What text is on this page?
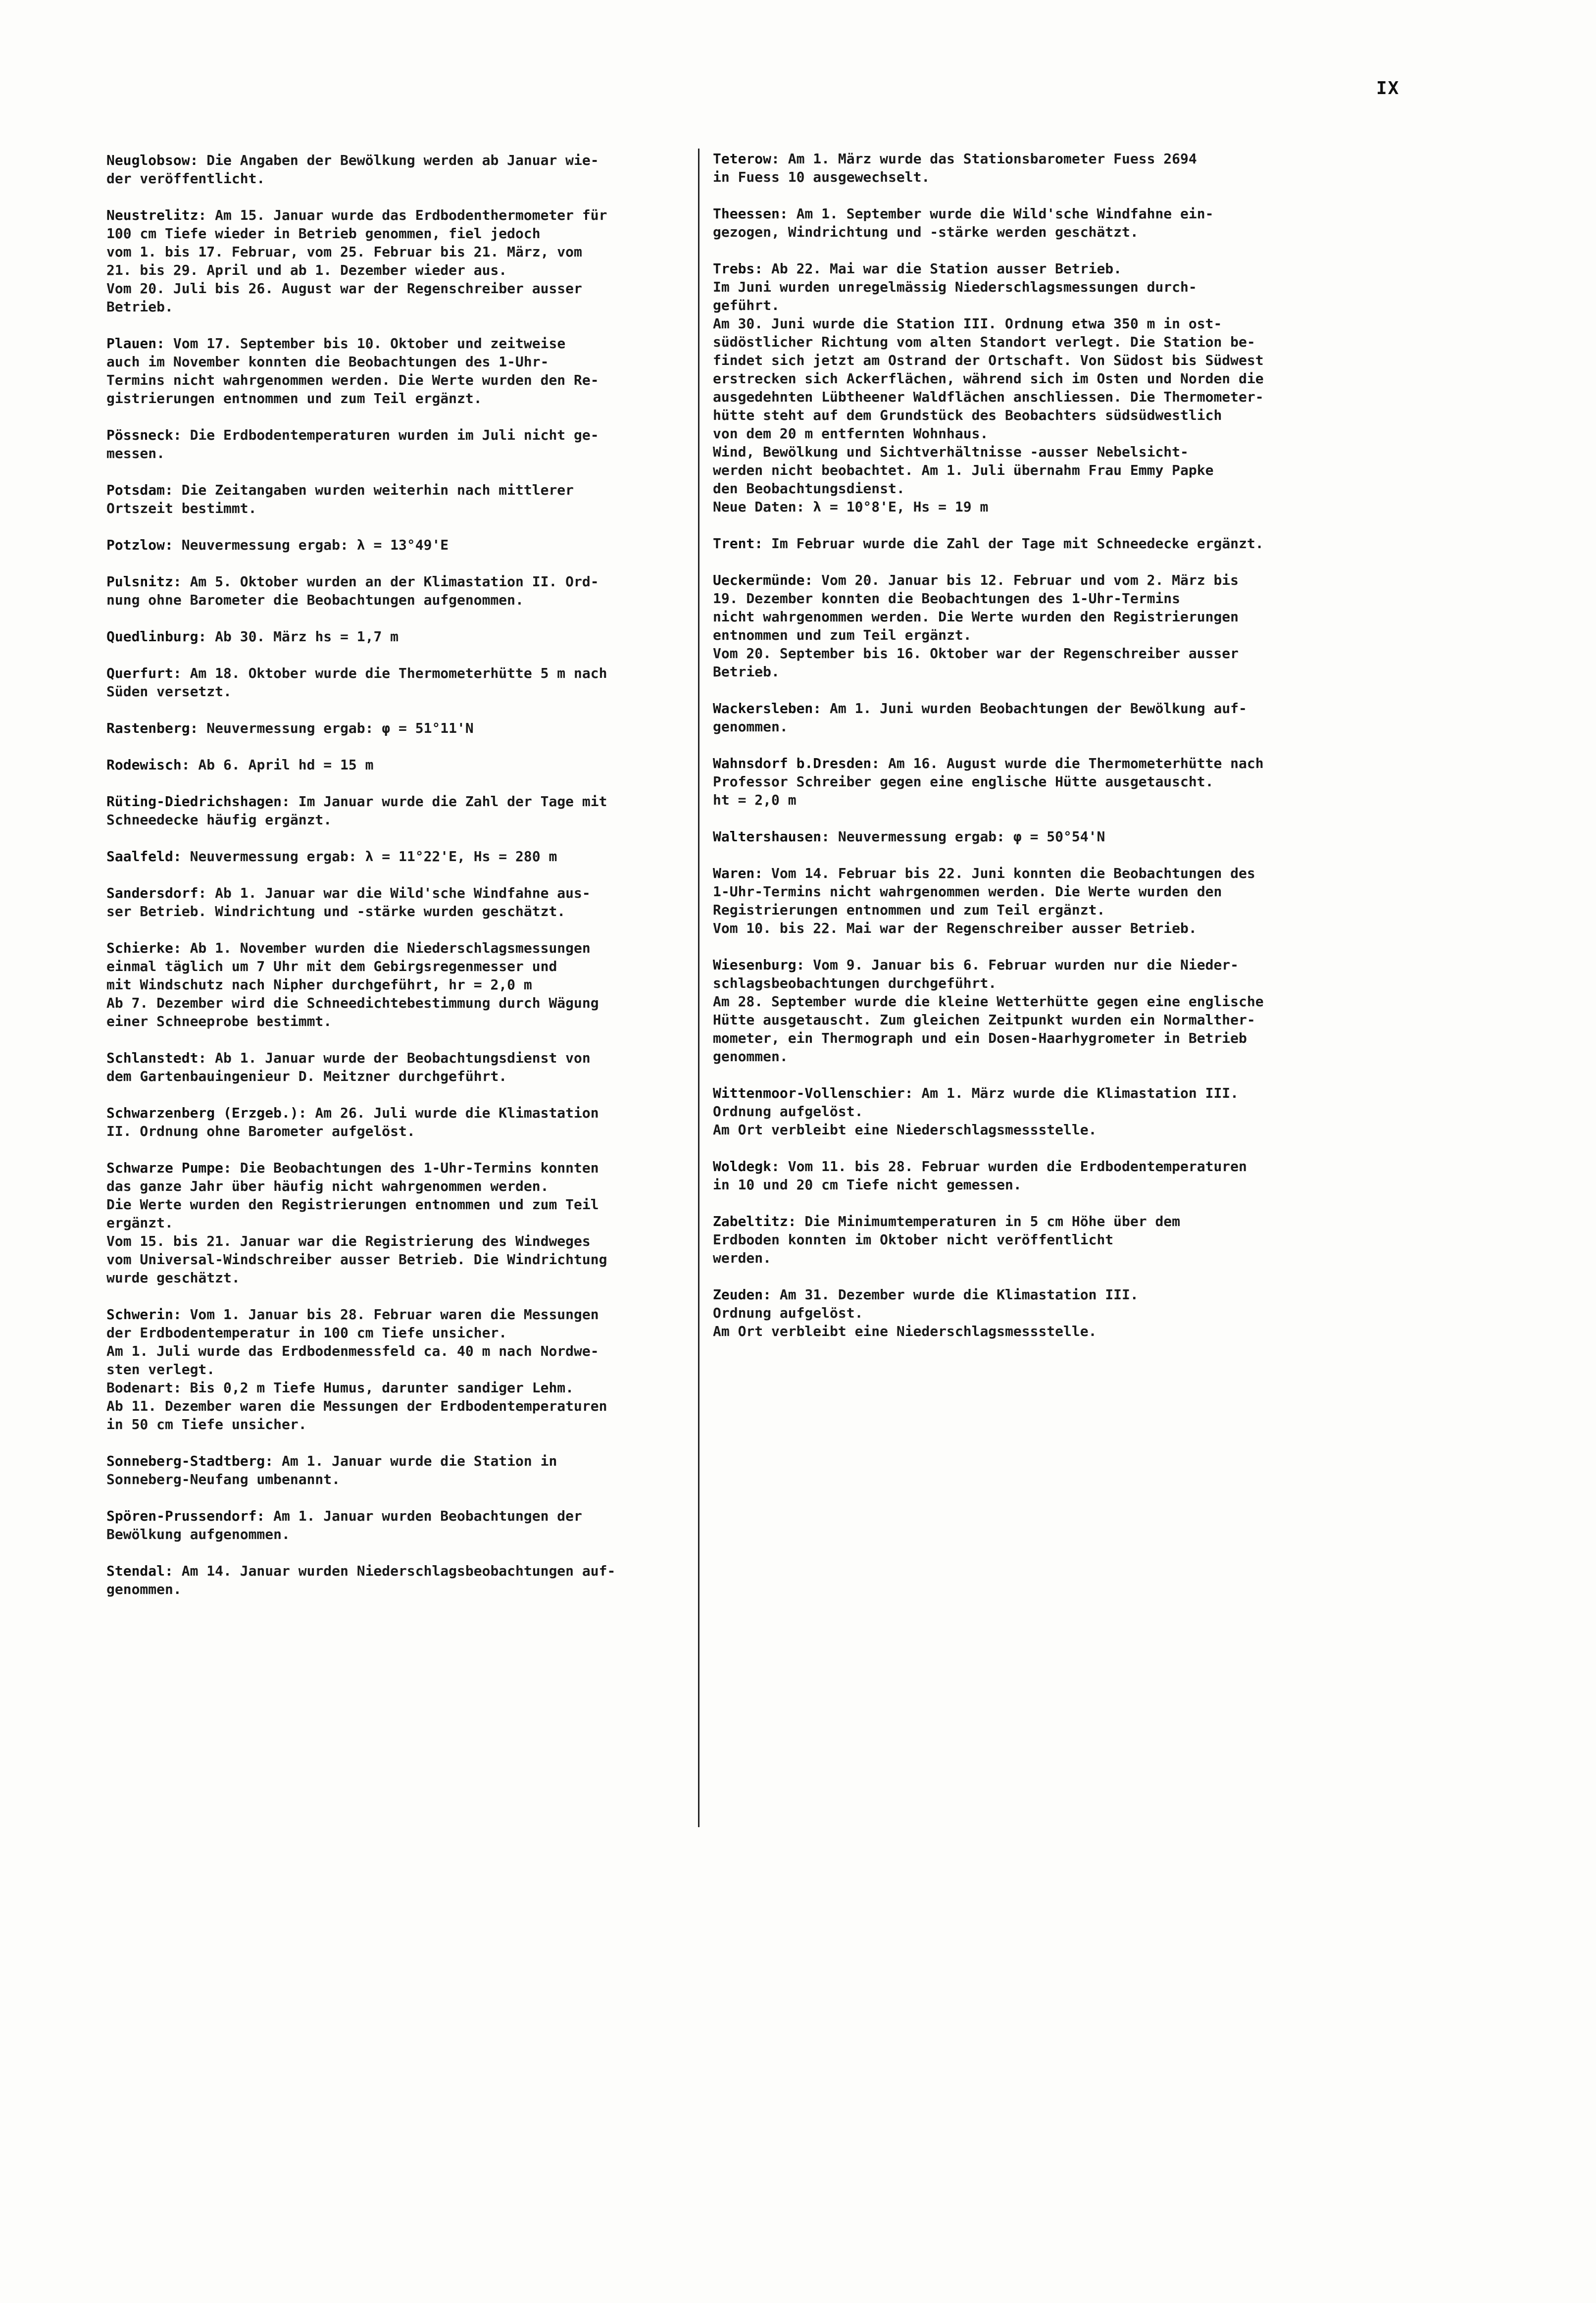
IX
Neuglobsow: Die Angaben der Bewölkung werden ab Januar wie-
der veröffentlicht.
Neustrelitz: Am 15. Januar wurde das Erdbodenthermometer für
100 cm Tiefe wieder in Betrieb genommen, fiel jedoch
vom 1. bis 17. Februar, vom 25. Februar bis 21. März, vom
21. bis 29. April und ab 1. Dezember wieder aus.
Vom 20. Juli bis 26. August war der Regenschreiber ausser
Betrieb.
Plauen: Vom 17. September bis 10. Oktober und zeitweise
auch im November konnten die Beobachtungen des 1-Uhr-
Termins nicht wahrgenommen werden. Die Werte wurden den Re-
gistrierungen entnommen und zum Teil ergänzt.
Pössneck: Die Erdbodentemperaturen wurden im Juli nicht ge-
messen.
Potsdam: Die Zeitangaben wurden weiterhin nach mittlerer
Ortszeit bestimmt.
Potzlow: Neuvermessung ergab: λ = 13°49'E
Pulsnitz: Am 5. Oktober wurden an der Klimastation II. Ord-
nung ohne Barometer die Beobachtungen aufgenommen.
Quedlinburg: Ab 30. März hs = 1,7 m
Querfurt: Am 18. Oktober wurde die Thermometerhütte 5 m nach
Süden versetzt.
Rastenberg: Neuvermessung ergab: φ = 51°11'N
Rodewisch: Ab 6. April hd = 15 m
Rüting-Diedrichshagen: Im Januar wurde die Zahl der Tage mit
Schneedecke häufig ergänzt.
Saalfeld: Neuvermessung ergab: λ = 11°22'E, Hs = 280 m
Sandersdorf: Ab 1. Januar war die Wild'sche Windfahne aus-
ser Betrieb. Windrichtung und -stärke wurden geschätzt.
Schierke: Ab 1. November wurden die Niederschlagsmessungen
einmal täglich um 7 Uhr mit dem Gebirgsregenmesser und
mit Windschutz nach Nipher durchgeführt, hr = 2,0 m
Ab 7. Dezember wird die Schneedichtebestimmung durch Wägung
einer Schneeprobe bestimmt.
Schlanstedt: Ab 1. Januar wurde der Beobachtungsdienst von
dem Gartenbauingenieur D. Meitzner durchgeführt.
Schwarzenberg (Erzgeb.): Am 26. Juli wurde die Klimastation
II. Ordnung ohne Barometer aufgelöst.
Schwarze Pumpe: Die Beobachtungen des 1-Uhr-Termins konnten
das ganze Jahr über häufig nicht wahrgenommen werden.
Die Werte wurden den Registrierungen entnommen und zum Teil
ergänzt.
Vom 15. bis 21. Januar war die Registrierung des Windweges
vom Universal-Windschreiber ausser Betrieb. Die Windrichtung
wurde geschätzt.
Schwerin: Vom 1. Januar bis 28. Februar waren die Messungen
der Erdbodentemperatur in 100 cm Tiefe unsicher.
Am 1. Juli wurde das Erdbodenmessfeld ca. 40 m nach Nordwe-
sten verlegt.
Bodenart: Bis 0,2 m Tiefe Humus, darunter sandiger Lehm.
Ab 11. Dezember waren die Messungen der Erdbodentemperaturen
in 50 cm Tiefe unsicher.
Sonneberg-Stadtberg: Am 1. Januar wurde die Station in
Sonneberg-Neufang umbenannt.
Spören-Prussendorf: Am 1. Januar wurden Beobachtungen der
Bewölkung aufgenommen.
Stendal: Am 14. Januar wurden Niederschlagsbeobachtungen auf-
genommen.
Teterow: Am 1. März wurde das Stationsbarometer Fuess 2694
in Fuess 10 ausgewechselt.
Theessen: Am 1. September wurde die Wild'sche Windfahne ein-
gezogen, Windrichtung und -stärke werden geschätzt.
Trebs: Ab 22. Mai war die Station ausser Betrieb.
Im Juni wurden unregelmässig Niederschlagsmessungen durch-
geführt.
Am 30. Juni wurde die Station III. Ordnung etwa 350 m in ost-
südöstlicher Richtung vom alten Standort verlegt. Die Station be-
findet sich jetzt am Ostrand der Ortschaft. Von Südost bis Südwest
erstrecken sich Ackerflächen, während sich im Osten und Norden die
ausgedehnten Lübtheener Waldflächen anschliessen. Die Thermometer-
hütte steht auf dem Grundstück des Beobachters südsüdwestlich
von dem 20 m entfernten Wohnhaus.
Wind, Bewölkung und Sichtverhältnisse -ausser Nebelsicht-
werden nicht beobachtet. Am 1. Juli übernahm Frau Emmy Papke
den Beobachtungsdienst.
Neue Daten: λ = 10°8'E, Hs = 19 m
Trent: Im Februar wurde die Zahl der Tage mit Schneedecke ergänzt.
Ueckermünde: Vom 20. Januar bis 12. Februar und vom 2. März bis
19. Dezember konnten die Beobachtungen des 1-Uhr-Termins
nicht wahrgenommen werden. Die Werte wurden den Registrierungen
entnommen und zum Teil ergänzt.
Vom 20. September bis 16. Oktober war der Regenschreiber ausser
Betrieb.
Wackersleben: Am 1. Juni wurden Beobachtungen der Bewölkung auf-
genommen.
Wahnsdorf b.Dresden: Am 16. August wurde die Thermometerhütte nach
Professor Schreiber gegen eine englische Hütte ausgetauscht.
ht = 2,0 m
Waltershausen: Neuvermessung ergab: φ = 50°54'N
Waren: Vom 14. Februar bis 22. Juni konnten die Beobachtungen des
1-Uhr-Termins nicht wahrgenommen werden. Die Werte wurden den
Registrierungen entnommen und zum Teil ergänzt.
Vom 10. bis 22. Mai war der Regenschreiber ausser Betrieb.
Wiesenburg: Vom 9. Januar bis 6. Februar wurden nur die Nieder-
schlagsbeobachtungen durchgeführt.
Am 28. September wurde die kleine Wetterhütte gegen eine englische
Hütte ausgetauscht. Zum gleichen Zeitpunkt wurden ein Normalther-
mometer, ein Thermograph und ein Dosen-Haarhygrometer in Betrieb
genommen.
Wittenmoor-Vollenschier: Am 1. März wurde die Klimastation III.
Ordnung aufgelöst.
Am Ort verbleibt eine Niederschlagsmessstelle.
Woldegk: Vom 11. bis 28. Februar wurden die Erdbodentemperaturen
in 10 und 20 cm Tiefe nicht gemessen.
Zabeltitz: Die Minimumtemperaturen in 5 cm Höhe über dem
Erdboden konnten im Oktober nicht veröffentlicht
werden.
Zeuden: Am 31. Dezember wurde die Klimastation III.
Ordnung aufgelöst.
Am Ort verbleibt eine Niederschlagsmessstelle.
